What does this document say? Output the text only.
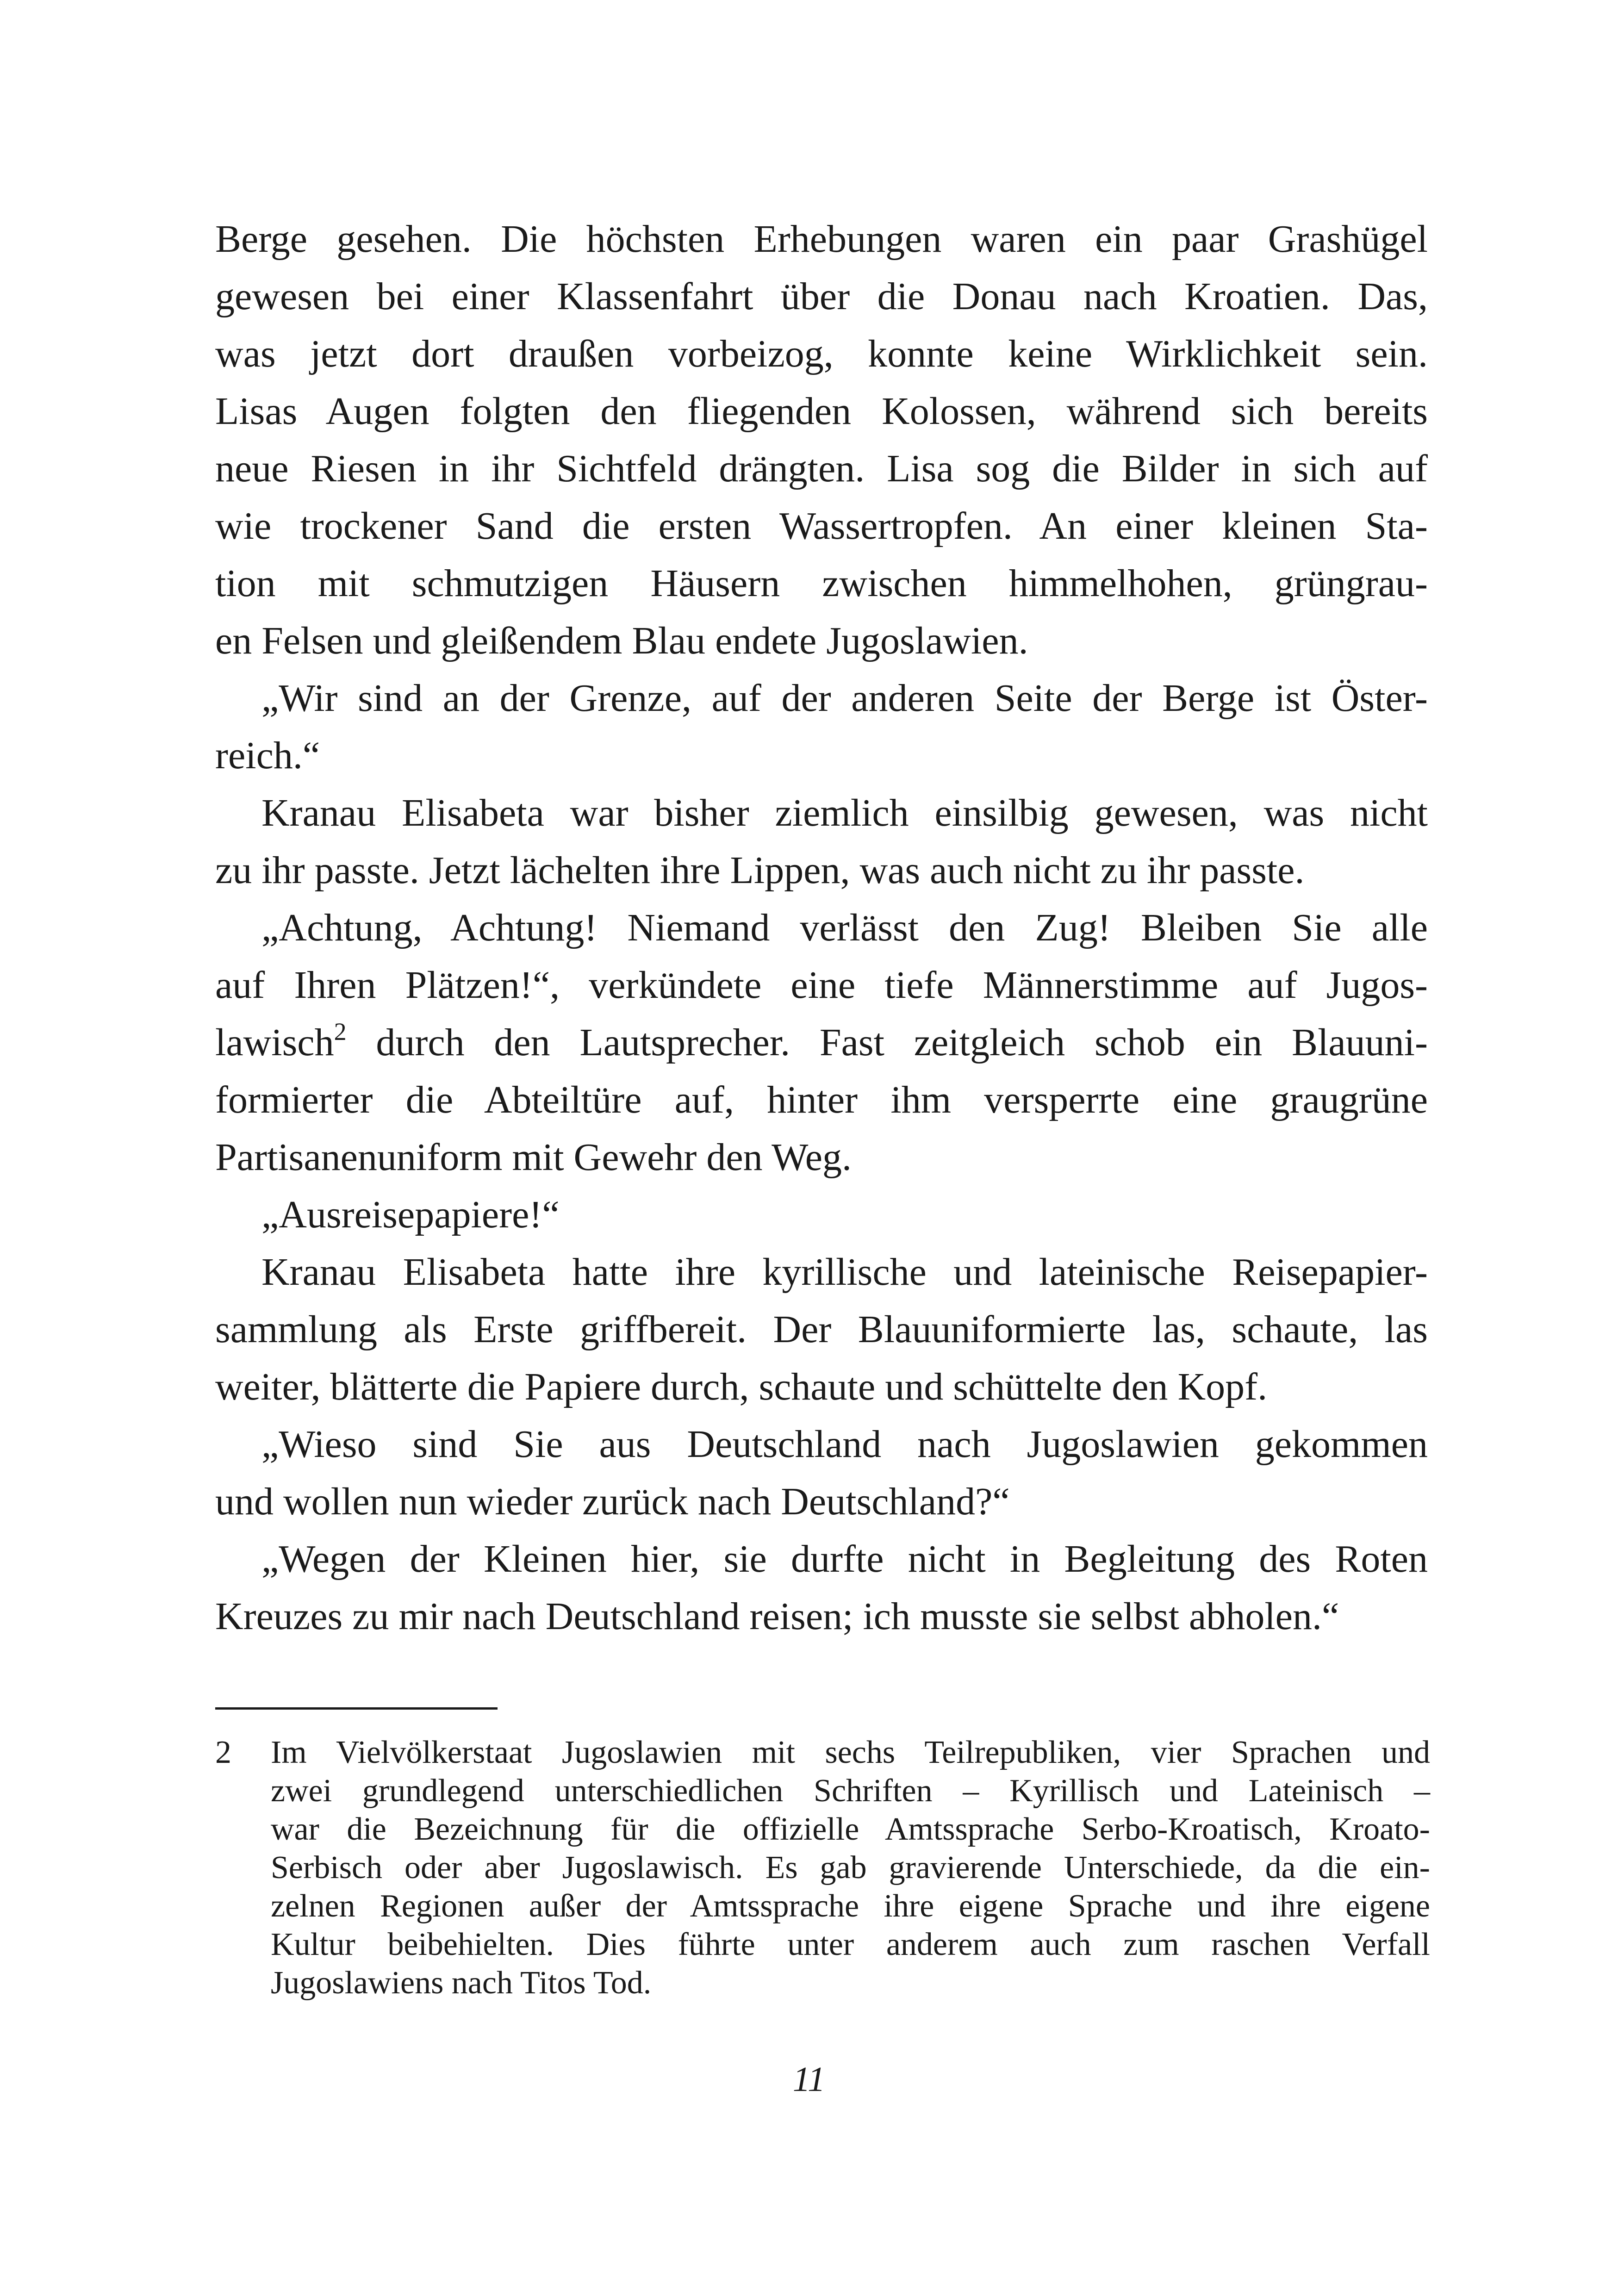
Berge gesehen. Die höchsten Erhebungen waren ein paar Grashügel
gewesen bei einer Klassenfahrt über die Donau nach Kroatien. Das,
was jetzt dort draußen vorbeizog, konnte keine Wirklichkeit sein.
Lisas Augen folgten den fliegenden Kolossen, während sich bereits
neue Riesen in ihr Sichtfeld drängten. Lisa sog die Bilder in sich auf
wie trockener Sand die ersten Wassertropfen. An einer kleinen Sta-
tion mit schmutzigen Häusern zwischen himmelhohen, grüngrau-
en Felsen und gleißendem Blau endete Jugoslawien.
„Wir sind an der Grenze, auf der anderen Seite der Berge ist Öster-
reich.“
Kranau Elisabeta war bisher ziemlich einsilbig gewesen, was nicht
zu ihr passte. Jetzt lächelten ihre Lippen, was auch nicht zu ihr passte.
„Achtung, Achtung! Niemand verlässt den Zug! Bleiben Sie alle
auf Ihren Plätzen!“, verkündete eine tiefe Männerstimme auf Jugos-
lawisch$^2$ durch den Lautsprecher. Fast zeitgleich schob ein Blauuni-
formierter die Abteiltüre auf, hinter ihm versperrte eine graugrüne
Partisanenuniform mit Gewehr den Weg.
„Ausreisepapiere!“
Kranau Elisabeta hatte ihre kyrillische und lateinische Reisepapier-
sammlung als Erste griffbereit. Der Blauuniformierte las, schaute, las
weiter, blätterte die Papiere durch, schaute und schüttelte den Kopf.
„Wieso sind Sie aus Deutschland nach Jugoslawien gekommen
und wollen nun wieder zurück nach Deutschland?“
„Wegen der Kleinen hier, sie durfte nicht in Begleitung des Roten
Kreuzes zu mir nach Deutschland reisen; ich musste sie selbst abholen.“
2 Im Vielvölkerstaat Jugoslawien mit sechs Teilrepubliken, vier Sprachen und
zwei grundlegend unterschiedlichen Schriften – Kyrillisch und Lateinisch –
war die Bezeichnung für die offizielle Amtssprache Serbo-Kroatisch, Kroato-
Serbisch oder aber Jugoslawisch. Es gab gravierende Unterschiede, da die ein-
zelnen Regionen außer der Amtssprache ihre eigene Sprache und ihre eigene
Kultur beibehielten. Dies führte unter anderem auch zum raschen Verfall
Jugoslawiens nach Titos Tod.
11
